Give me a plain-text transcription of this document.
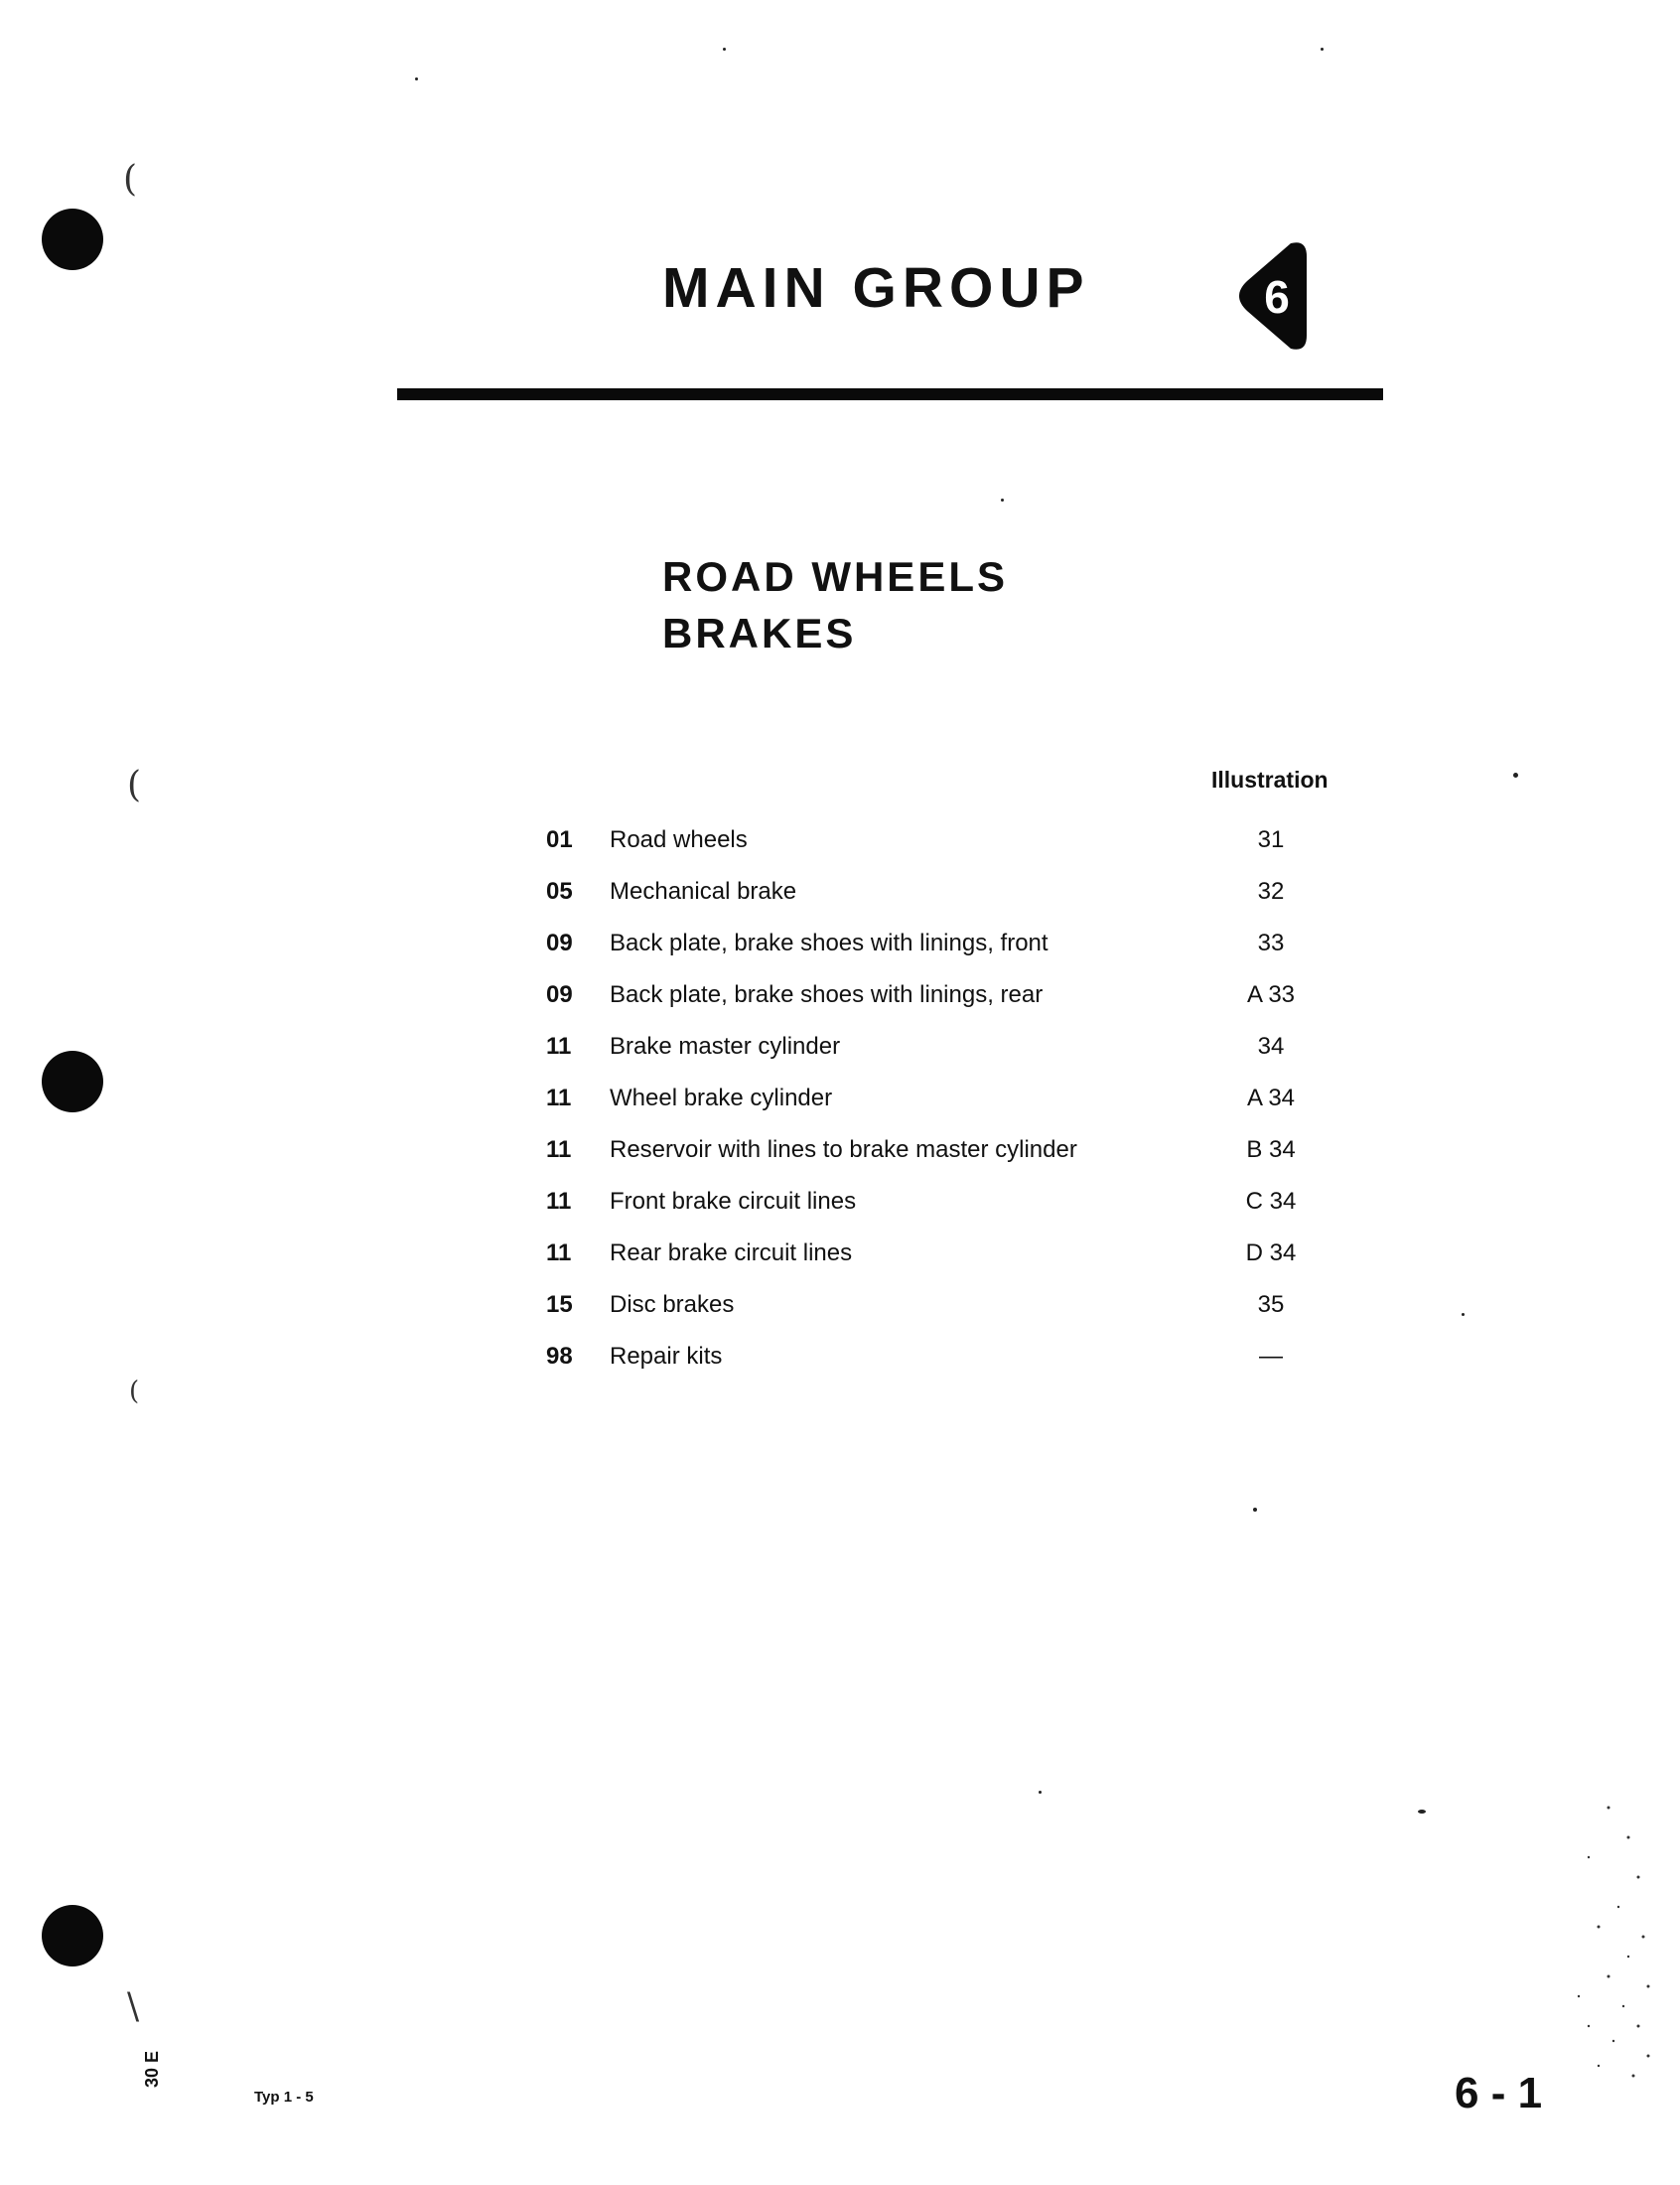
(
(
(
\
MAIN GROUP	6
ROAD WHEELS
BRAKES
Illustration
01 Road wheels	31
05 Mechanical brake	32
09 Back plate, brake shoes with linings, front	33
09 Back plate, brake shoes with linings, rear	A 33
11 Brake master cylinder	34
11 Wheel brake cylinder	A 34
11 Reservoir with lines to brake master cylinder	B 34
11 Front brake circuit lines	C 34
11 Rear brake circuit lines	D 34
15 Disc brakes	35
98 Repair kits	—
30 E
Typ 1 - 5	6 - 1
